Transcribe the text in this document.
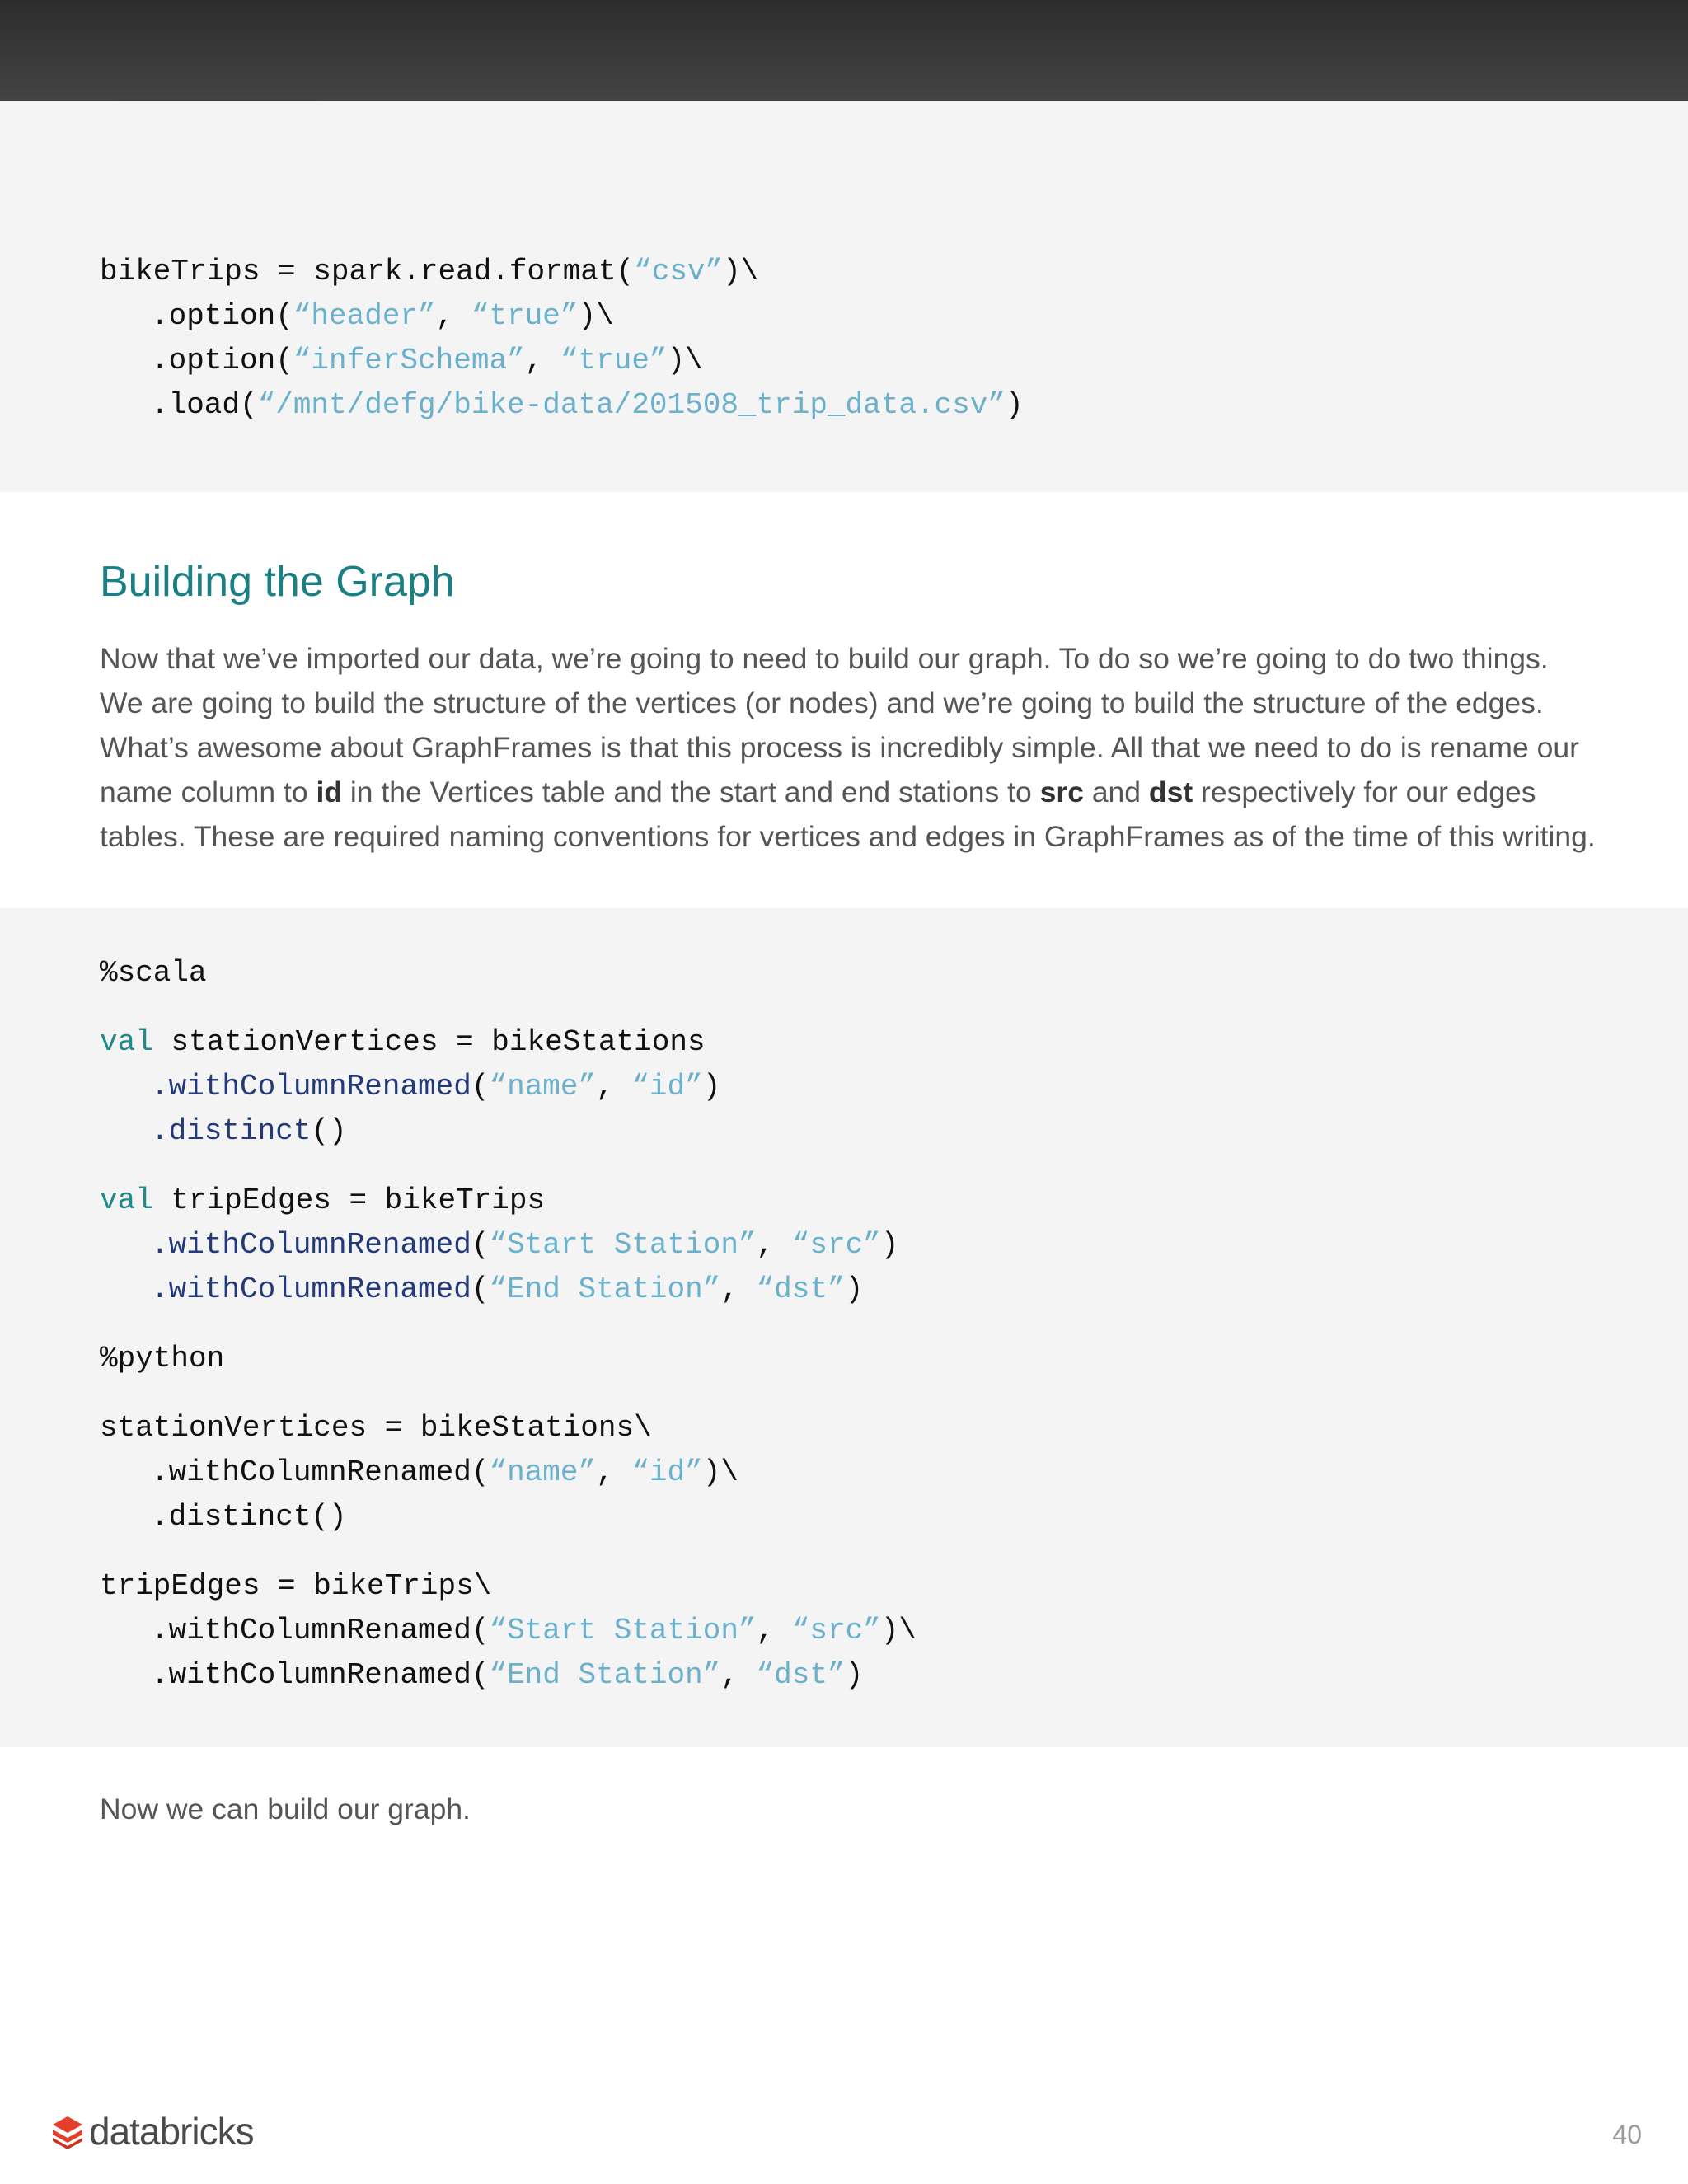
bikeTrips = spark.read.format(“csv”)\
.option(“header”, “true”)\
.option(“inferSchema”, “true”)\
.load(“/mnt/defg/bike-data/201508_trip_data.csv”)
Building the Graph

Now that we’ve imported our data, we’re going to need to build our graph. To do so we’re going to do two things. We are going to build the structure of the vertices (or nodes) and we’re going to build the structure of the edges. What’s awesome about GraphFrames is that this process is incredibly simple. All that we need to do is rename our name column to id in the Vertices table and the start and end stations to src and dst respectively for our edges tables. These are required naming conventions for vertices and edges in GraphFrames as of the time of this writing.

%scala
val stationVertices = bikeStations
.withColumnRenamed(“name”, “id”)
.distinct()
val tripEdges = bikeTrips
.withColumnRenamed(“Start Station”, “src”)
.withColumnRenamed(“End Station”, “dst”)
%python
stationVertices = bikeStations\
.withColumnRenamed(“name”, “id”)\
.distinct()
tripEdges = bikeTrips\
.withColumnRenamed(“Start Station”, “src”)\
.withColumnRenamed(“End Station”, “dst”)

Now we can build our graph.

databricks	40
